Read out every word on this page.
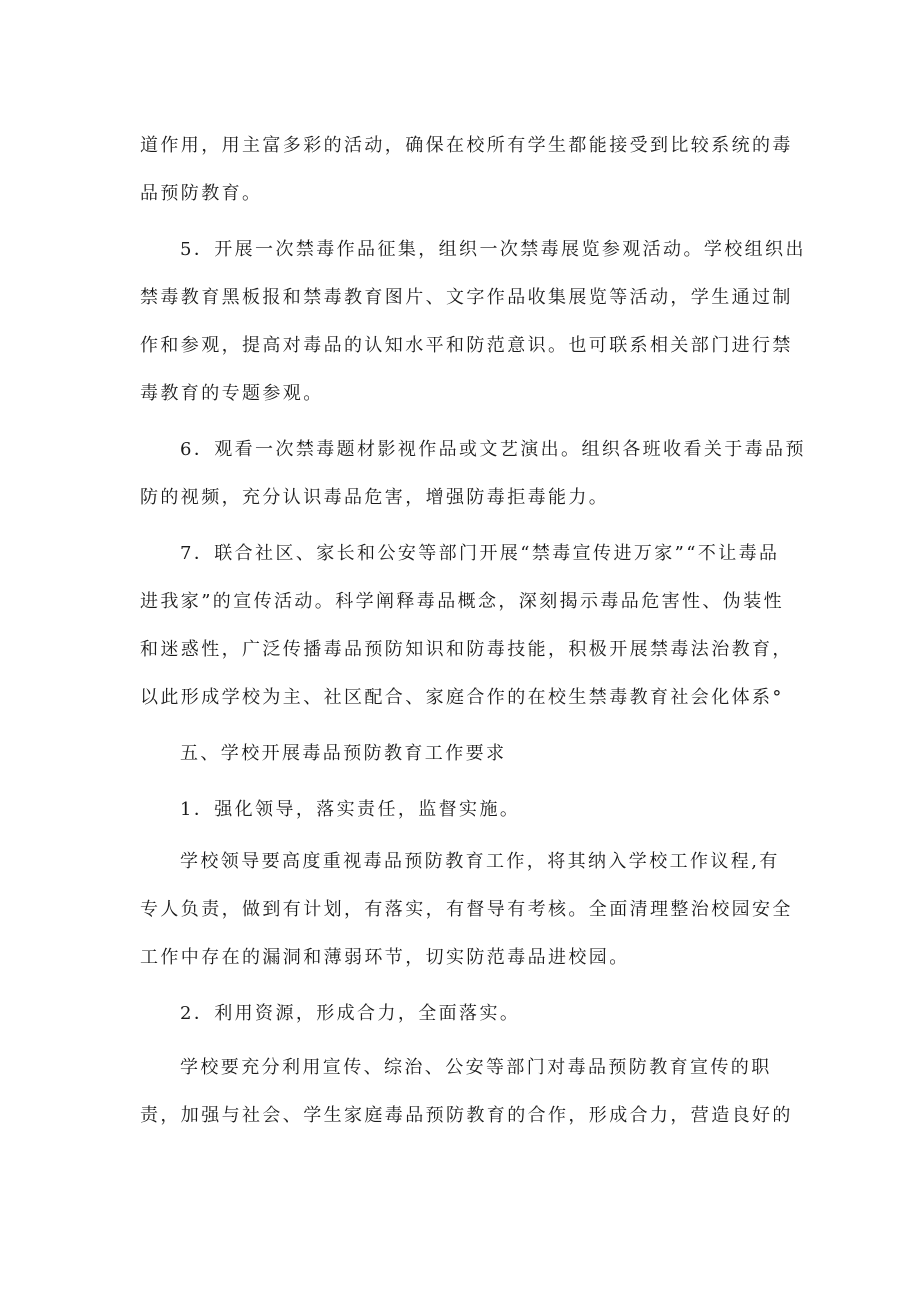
道作用，用主富多彩的活动，确保在校所有学生都能接受到比较系统的毒
品预防教育。
5．开展一次禁毒作品征集，组织一次禁毒展览参观活动。学校组织出
禁毒教育黑板报和禁毒教育图片、文字作品收集展览等活动，学生通过制
作和参观，提高对毒品的认知水平和防范意识。也可联系相关部门进行禁
毒教育的专题参观。
6．观看一次禁毒题材影视作品或文艺演出。组织各班收看关于毒品预
防的视频，充分认识毒品危害，增强防毒拒毒能力。
7．联合社区、家长和公安等部门开展“禁毒宣传进万家”“不让毒品
进我家”的宣传活动。科学阐释毒品概念，深刻揭示毒品危害性、伪装性
和迷惑性，广泛传播毒品预防知识和防毒技能，积极开展禁毒法治教育，
以此形成学校为主、社区配合、家庭合作的在校生禁毒教育社会化体系°
五、学校开展毒品预防教育工作要求
1．强化领导，落实责任，监督实施。
学校领导要高度重视毒品预防教育工作，将其纳入学校工作议程,有
专人负责，做到有计划，有落实，有督导有考核。全面清理整治校园安全
工作中存在的漏洞和薄弱环节，切实防范毒品进校园。
2．利用资源，形成合力，全面落实。
学校要充分利用宣传、综治、公安等部门对毒品预防教育宣传的职
责，加强与社会、学生家庭毒品预防教育的合作，形成合力，营造良好的
